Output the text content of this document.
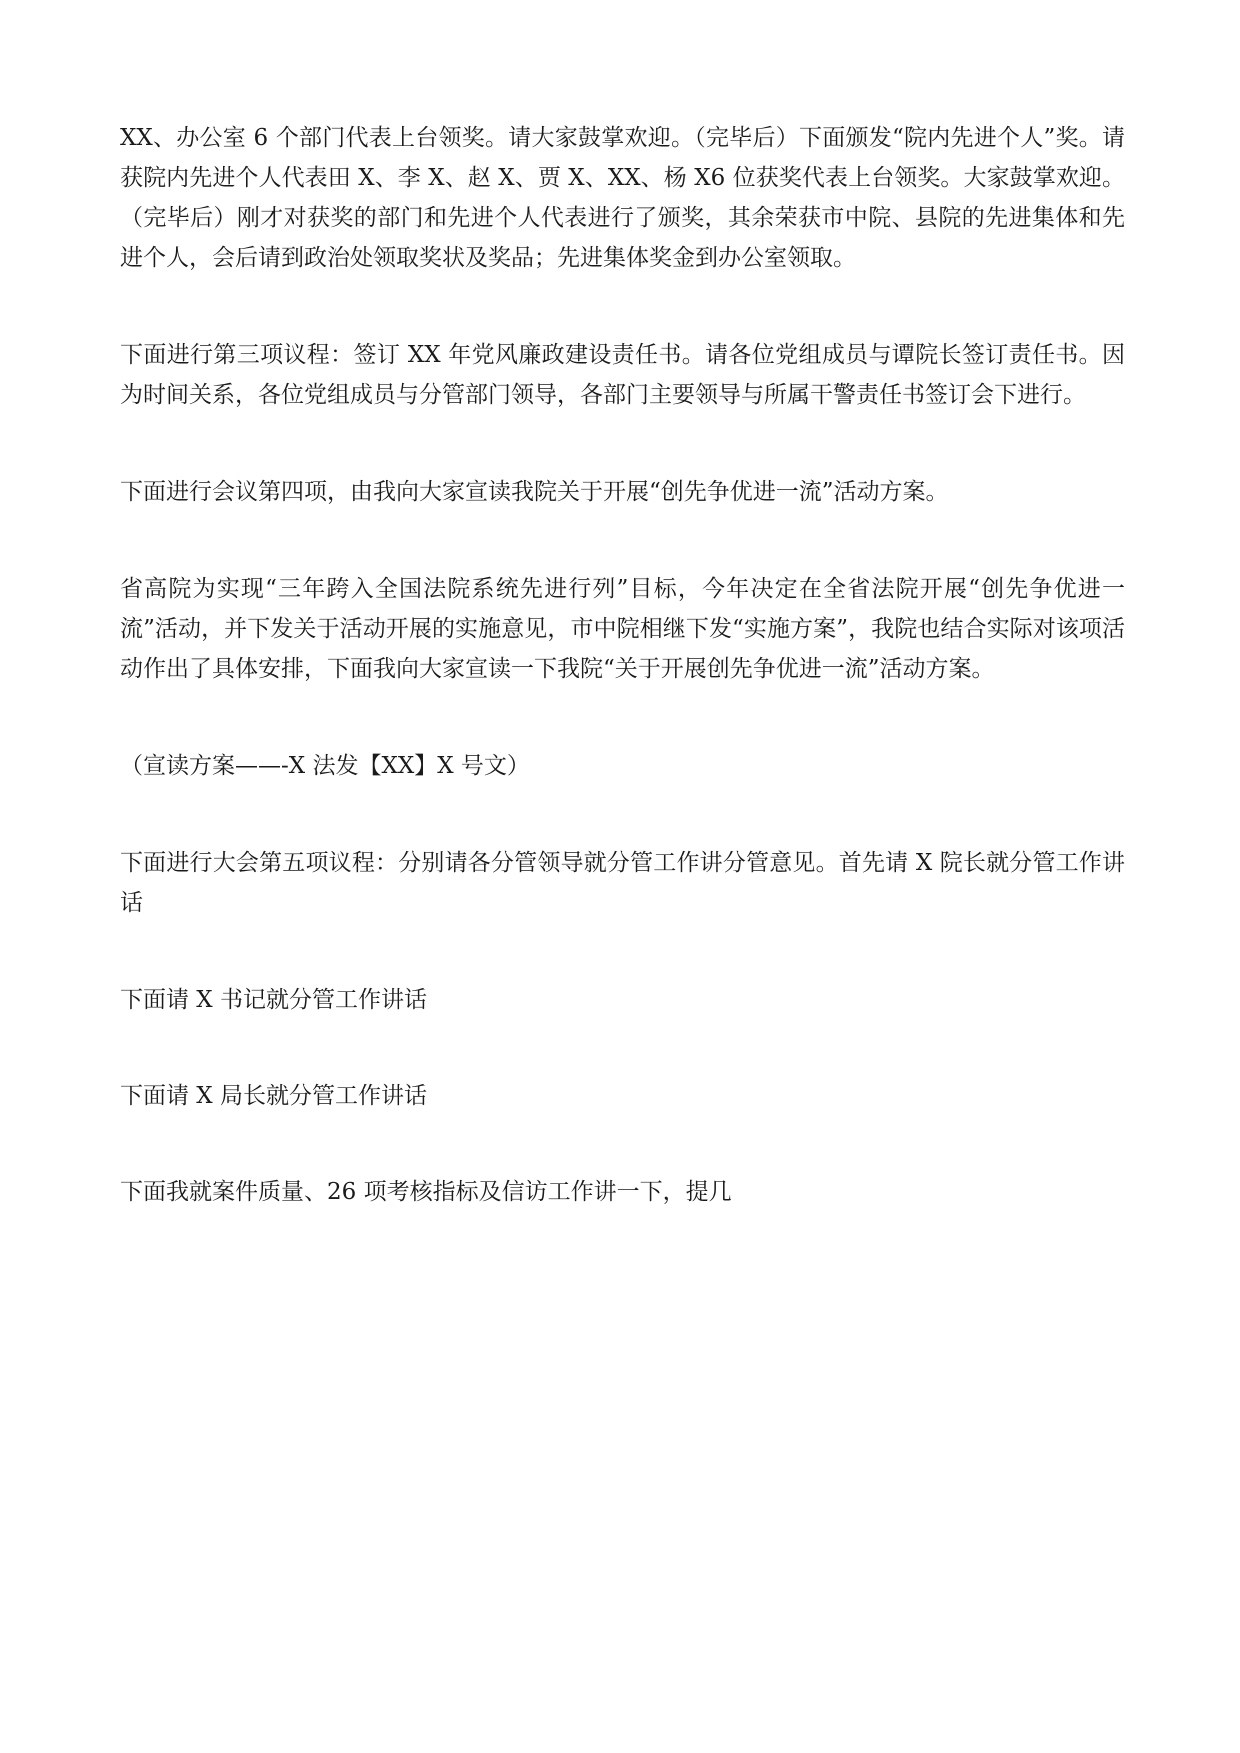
XX、办公室 6 个部门代表上台领奖。请大家鼓掌欢迎。（完毕后）下面颁发“院内先进个人”奖。请获院内先进个人代表田 X、李 X、赵 X、贾 X、XX、杨 X6 位获奖代表上台领奖。大家鼓掌欢迎。（完毕后）刚才对获奖的部门和先进个人代表进行了颁奖，其余荣获市中院、县院的先进集体和先进个人，会后请到政治处领取奖状及奖品；先进集体奖金到办公室领取。

下面进行第三项议程：签订 XX 年党风廉政建设责任书。请各位党组成员与谭院长签订责任书。因为时间关系，各位党组成员与分管部门领导，各部门主要领导与所属干警责任书签订会下进行。

下面进行会议第四项，由我向大家宣读我院关于开展“创先争优进一流”活动方案。

省高院为实现“三年跨入全国法院系统先进行列”目标，今年决定在全省法院开展“创先争优进一流”活动，并下发关于活动开展的实施意见，市中院相继下发“实施方案”，我院也结合实际对该项活动作出了具体安排，下面我向大家宣读一下我院“关于开展创先争优进一流”活动方案。

（宣读方案——-X 法发【XX】X 号文）

下面进行大会第五项议程：分别请各分管领导就分管工作讲分管意见。首先请 X 院长就分管工作讲话

下面请 X 书记就分管工作讲话

下面请 X 局长就分管工作讲话

下面我就案件质量、26 项考核指标及信访工作讲一下，提几
